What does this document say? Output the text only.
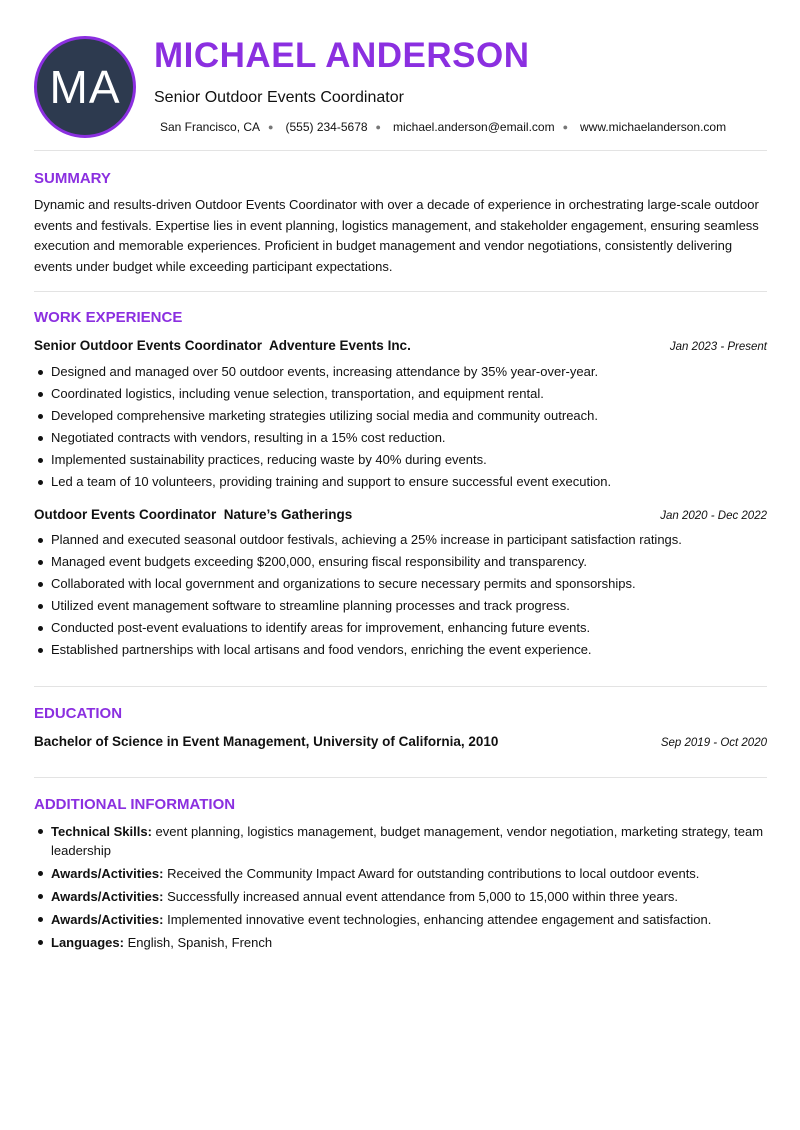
MA
MICHAEL ANDERSON
Senior Outdoor Events Coordinator
San Francisco, CA ● (555) 234-5678 ● michael.anderson@email.com ● www.michaelanderson.com
SUMMARY

Dynamic and results-driven Outdoor Events Coordinator with over a decade of experience in orchestrating large-scale outdoor events and festivals. Expertise lies in event planning, logistics management, and stakeholder engagement, ensuring seamless execution and memorable experiences. Proficient in budget management and vendor negotiations, consistently delivering events under budget while exceeding participant expectations.

WORK EXPERIENCE
Senior Outdoor Events Coordinator Adventure Events Inc.	Jan 2023 - Present
Designed and managed over 50 outdoor events, increasing attendance by 35% year-over-year.
Coordinated logistics, including venue selection, transportation, and equipment rental.
Developed comprehensive marketing strategies utilizing social media and community outreach.
Negotiated contracts with vendors, resulting in a 15% cost reduction.
Implemented sustainability practices, reducing waste by 40% during events.
Led a team of 10 volunteers, providing training and support to ensure successful event execution.
Outdoor Events Coordinator Nature’s Gatherings	Jan 2020 - Dec 2022
Planned and executed seasonal outdoor festivals, achieving a 25% increase in participant satisfaction ratings.
Managed event budgets exceeding $200,000, ensuring fiscal responsibility and transparency.
Collaborated with local government and organizations to secure necessary permits and sponsorships.
Utilized event management software to streamline planning processes and track progress.
Conducted post-event evaluations to identify areas for improvement, enhancing future events.
Established partnerships with local artisans and food vendors, enriching the event experience.
EDUCATION
Bachelor of Science in Event Management, University of California, 2010	Sep 2019 - Oct 2020
ADDITIONAL INFORMATION
Technical Skills: event planning, logistics management, budget management, vendor negotiation, marketing strategy, team leadership
Awards/Activities: Received the Community Impact Award for outstanding contributions to local outdoor events.
Awards/Activities: Successfully increased annual event attendance from 5,000 to 15,000 within three years.
Awards/Activities: Implemented innovative event technologies, enhancing attendee engagement and satisfaction.
Languages: English, Spanish, French
